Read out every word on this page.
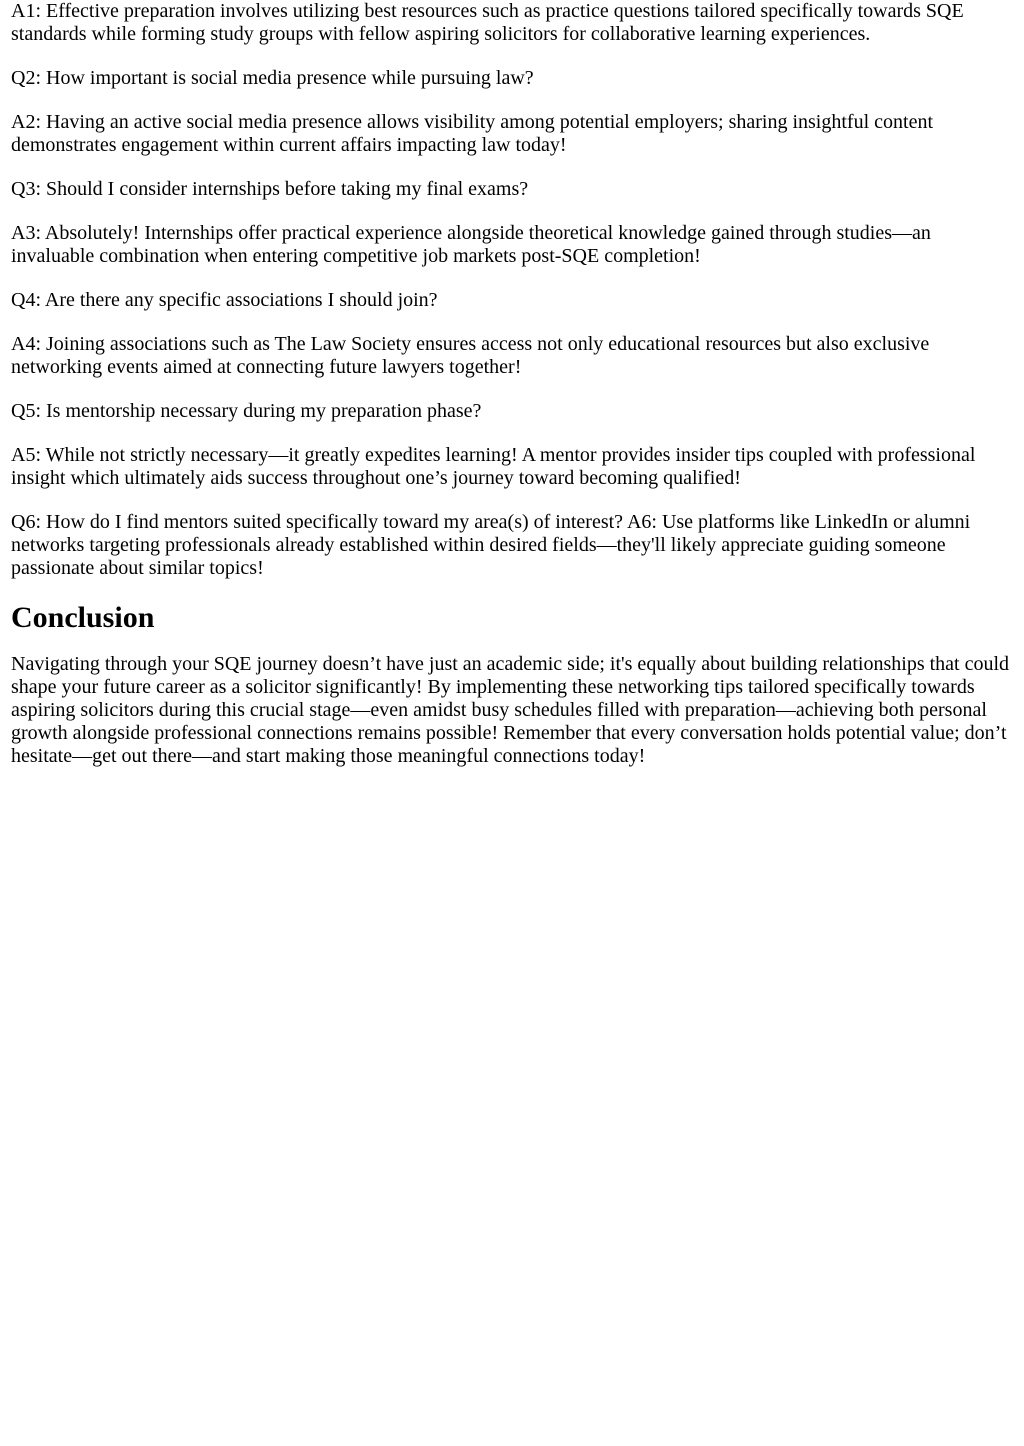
A1: Effective preparation involves utilizing best resources such as practice questions tailored specifically towards SQE standards while forming study groups with fellow aspiring solicitors for collaborative learning experiences.

Q2: How important is social media presence while pursuing law?

A2: Having an active social media presence allows visibility among potential employers; sharing insightful content demonstrates engagement within current affairs impacting law today!

Q3: Should I consider internships before taking my final exams?

A3: Absolutely! Internships offer practical experience alongside theoretical knowledge gained through studies—an invaluable combination when entering competitive job markets post-SQE completion!

Q4: Are there any specific associations I should join?

A4: Joining associations such as The Law Society ensures access not only educational resources but also exclusive networking events aimed at connecting future lawyers together!

Q5: Is mentorship necessary during my preparation phase?

A5: While not strictly necessary—it greatly expedites learning! A mentor provides insider tips coupled with professional insight which ultimately aids success throughout one’s journey toward becoming qualified!

Q6: How do I find mentors suited specifically toward my area(s) of interest? A6: Use platforms like LinkedIn or alumni networks targeting professionals already established within desired fields—they'll likely appreciate guiding someone passionate about similar topics!

Conclusion

Navigating through your SQE journey doesn’t have just an academic side; it's equally about building relationships that could shape your future career as a solicitor significantly! By implementing these networking tips tailored specifically towards aspiring solicitors during this crucial stage—even amidst busy schedules filled with preparation—achieving both personal growth alongside professional connections remains possible! Remember that every conversation holds potential value; don’t hesitate—get out there—and start making those meaningful connections today!
